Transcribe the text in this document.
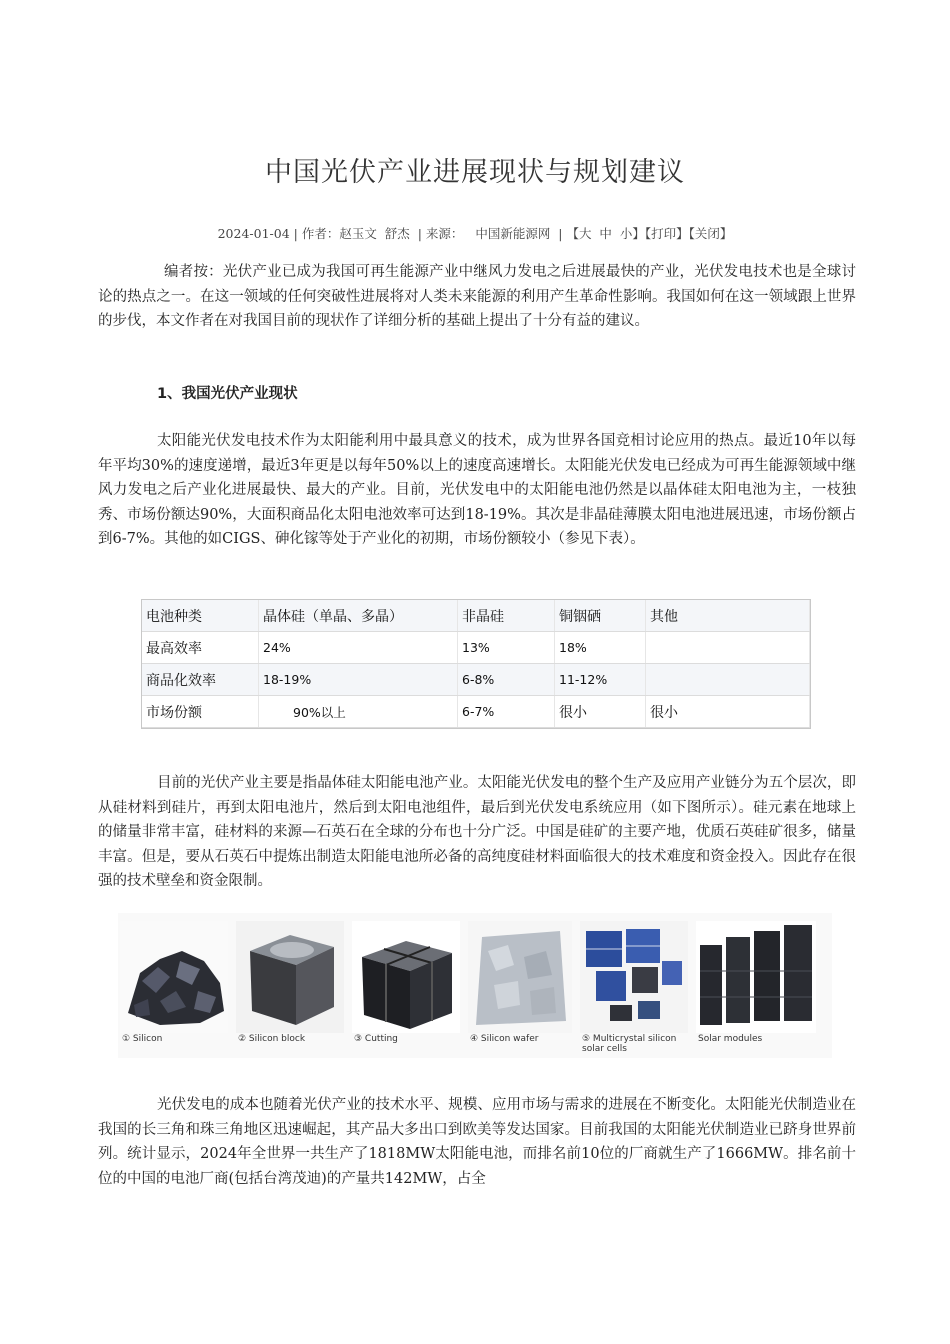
中国光伏产业进展现状与规划建议
2024-01-04 | 作者：赵玉文  舒杰  | 来源：   中国新能源网  | 【大  中  小】【打印】【关闭】
编者按：光伏产业已成为我国可再生能源产业中继风力发电之后进展最快的产业，光伏发电技术也是全球讨论的热点之一。在这一领域的任何突破性进展将对人类未来能源的利用产生革命性影响。我国如何在这一领域跟上世界的步伐，本文作者在对我国目前的现状作了详细分析的基础上提出了十分有益的建议。
1、我国光伏产业现状
太阳能光伏发电技术作为太阳能利用中最具意义的技术，成为世界各国竞相讨论应用的热点。最近10年以每年平均30%的速度递增，最近3年更是以每年50%以上的速度高速增长。太阳能光伏发电已经成为可再生能源领域中继风力发电之后产业化进展最快、最大的产业。目前，光伏发电中的太阳能电池仍然是以晶体硅太阳电池为主，一枝独秀、市场份额达90%，大面积商品化太阳电池效率可达到18-19%。其次是非晶硅薄膜太阳电池进展迅速，市场份额占到6-7%。其他的如CIGS、砷化镓等处于产业化的初期，市场份额较小（参见下表）。
电池种类	晶体硅（单晶、多晶）	非晶硅	铜铟硒	其他
最高效率	24%	13%	18%	
商品化效率	18-19%	6-8%	11-12%	
市场份额	90%以上	6-7%	很小	很小
目前的光伏产业主要是指晶体硅太阳能电池产业。太阳能光伏发电的整个生产及应用产业链分为五个层次，即从硅材料到硅片，再到太阳电池片，然后到太阳电池组件，最后到光伏发电系统应用（如下图所示）。硅元素在地球上的储量非常丰富，硅材料的来源—石英石在全球的分布也十分广泛。中国是硅矿的主要产地，优质石英硅矿很多，储量丰富。但是，要从石英石中提炼出制造太阳能电池所必备的高纯度硅材料面临很大的技术难度和资金投入。因此存在很强的技术壁垒和资金限制。
① Silicon	② Silicon block	③ Cutting	④ Silicon wafer	⑤ Multicrystal silicon solar cells
Solar modules
光伏发电的成本也随着光伏产业的技术水平、规模、应用市场与需求的进展在不断变化。太阳能光伏制造业在我国的长三角和珠三角地区迅速崛起，其产品大多出口到欧美等发达国家。目前我国的太阳能光伏制造业已跻身世界前列。统计显示，2024年全世界一共生产了1818MW太阳能电池，而排名前10位的厂商就生产了1666MW。排名前十位的中国的电池厂商(包括台湾茂迪)的产量共142MW，占全
